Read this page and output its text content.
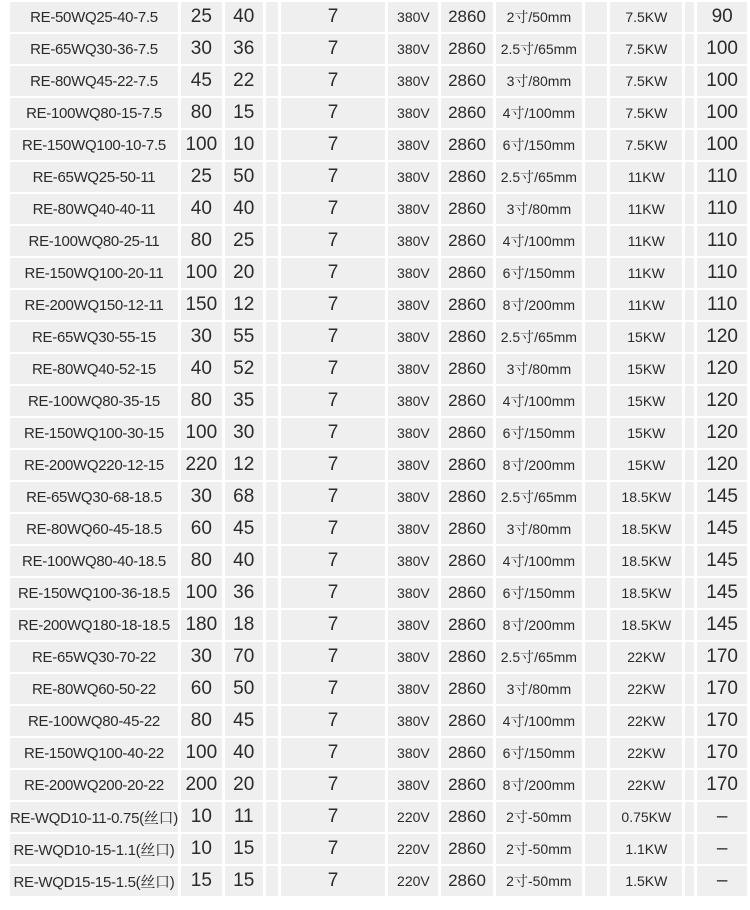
RE-50WQ25-40-7.5	25	40		7	380V	2860	2寸/50mm		7.5KW		90
RE-65WQ30-36-7.5	30	36		7	380V	2860	2.5寸/65mm		7.5KW		100
RE-80WQ45-22-7.5	45	22		7	380V	2860	3寸/80mm		7.5KW		100
RE-100WQ80-15-7.5	80	15		7	380V	2860	4寸/100mm		7.5KW		100
RE-150WQ100-10-7.5	100	10		7	380V	2860	6寸/150mm		7.5KW		100
RE-65WQ25-50-11	25	50		7	380V	2860	2.5寸/65mm		11KW		110
RE-80WQ40-40-11	40	40		7	380V	2860	3寸/80mm		11KW		110
RE-100WQ80-25-11	80	25		7	380V	2860	4寸/100mm		11KW		110
RE-150WQ100-20-11	100	20		7	380V	2860	6寸/150mm		11KW		110
RE-200WQ150-12-11	150	12		7	380V	2860	8寸/200mm		11KW		110
RE-65WQ30-55-15	30	55		7	380V	2860	2.5寸/65mm		15KW		120
RE-80WQ40-52-15	40	52		7	380V	2860	3寸/80mm		15KW		120
RE-100WQ80-35-15	80	35		7	380V	2860	4寸/100mm		15KW		120
RE-150WQ100-30-15	100	30		7	380V	2860	6寸/150mm		15KW		120
RE-200WQ220-12-15	220	12		7	380V	2860	8寸/200mm		15KW		120
RE-65WQ30-68-18.5	30	68		7	380V	2860	2.5寸/65mm		18.5KW		145
RE-80WQ60-45-18.5	60	45		7	380V	2860	3寸/80mm		18.5KW		145
RE-100WQ80-40-18.5	80	40		7	380V	2860	4寸/100mm		18.5KW		145
RE-150WQ100-36-18.5	100	36		7	380V	2860	6寸/150mm		18.5KW		145
RE-200WQ180-18-18.5	180	18		7	380V	2860	8寸/200mm		18.5KW		145
RE-65WQ30-70-22	30	70		7	380V	2860	2.5寸/65mm		22KW		170
RE-80WQ60-50-22	60	50		7	380V	2860	3寸/80mm		22KW		170
RE-100WQ80-45-22	80	45		7	380V	2860	4寸/100mm		22KW		170
RE-150WQ100-40-22	100	40		7	380V	2860	6寸/150mm		22KW		170
RE-200WQ200-20-22	200	20		7	380V	2860	8寸/200mm		22KW		170
RE-WQD10-11-0.75(丝口)	10	11		7	220V	2860	2寸-50mm		0.75KW		–
RE-WQD10-15-1.1(丝口)	10	15		7	220V	2860	2寸-50mm		1.1KW		–
RE-WQD15-15-1.5(丝口)	15	15		7	220V	2860	2寸-50mm		1.5KW		–
